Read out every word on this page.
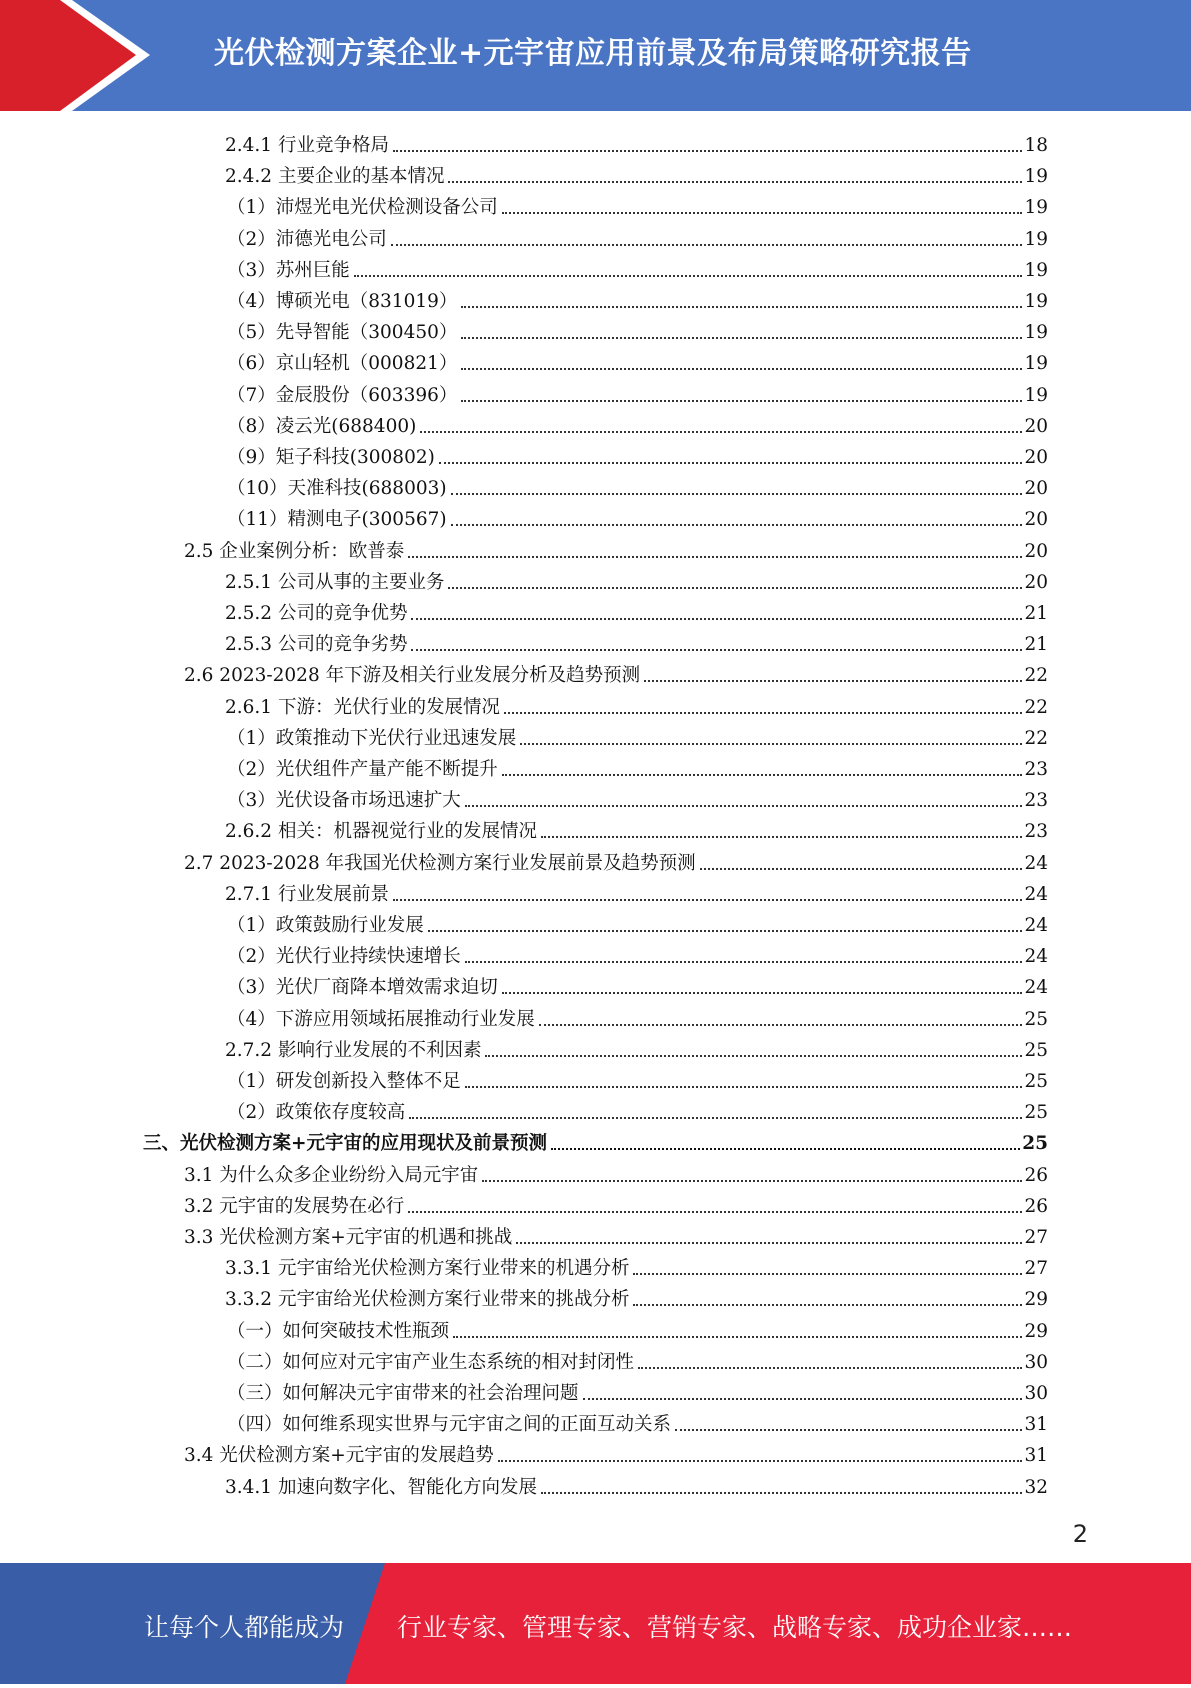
光伏检测方案企业+元宇宙应用前景及布局策略研究报告
2.4.1 行业竞争格局	18
2.4.2 主要企业的基本情况	19
（1）沛煜光电光伏检测设备公司	19
（2）沛德光电公司	19
（3）苏州巨能	19
（4）博硕光电（831019）	19
（5）先导智能（300450）	19
（6）京山轻机（000821）	19
（7）金辰股份（603396）	19
（8）凌云光(688400)	20
（9）矩子科技(300802)	20
（10）天准科技(688003)	20
（11）精测电子(300567)	20
2.5 企业案例分析：欧普泰	20
2.5.1 公司从事的主要业务	20
2.5.2 公司的竞争优势	21
2.5.3 公司的竞争劣势	21
2.6 2023-2028 年下游及相关行业发展分析及趋势预测	22
2.6.1 下游：光伏行业的发展情况	22
（1）政策推动下光伏行业迅速发展	22
（2）光伏组件产量产能不断提升	23
（3）光伏设备市场迅速扩大	23
2.6.2 相关：机器视觉行业的发展情况	23
2.7 2023-2028 年我国光伏检测方案行业发展前景及趋势预测	24
2.7.1 行业发展前景	24
（1）政策鼓励行业发展	24
（2）光伏行业持续快速增长	24
（3）光伏厂商降本增效需求迫切	24
（4）下游应用领域拓展推动行业发展	25
2.7.2 影响行业发展的不利因素	25
（1）研发创新投入整体不足	25
（2）政策依存度较高	25
三、光伏检测方案+元宇宙的应用现状及前景预测	25
3.1 为什么众多企业纷纷入局元宇宙	26
3.2 元宇宙的发展势在必行	26
3.3 光伏检测方案+元宇宙的机遇和挑战	27
3.3.1 元宇宙给光伏检测方案行业带来的机遇分析	27
3.3.2 元宇宙给光伏检测方案行业带来的挑战分析	29
（一）如何突破技术性瓶颈	29
（二）如何应对元宇宙产业生态系统的相对封闭性	30
（三）如何解决元宇宙带来的社会治理问题	30
（四）如何维系现实世界与元宇宙之间的正面互动关系	31
3.4 光伏检测方案+元宇宙的发展趋势	31
3.4.1 加速向数字化、智能化方向发展	32
2
让每个人都能成为 行业专家、管理专家、营销专家、战略专家、成功企业家……
